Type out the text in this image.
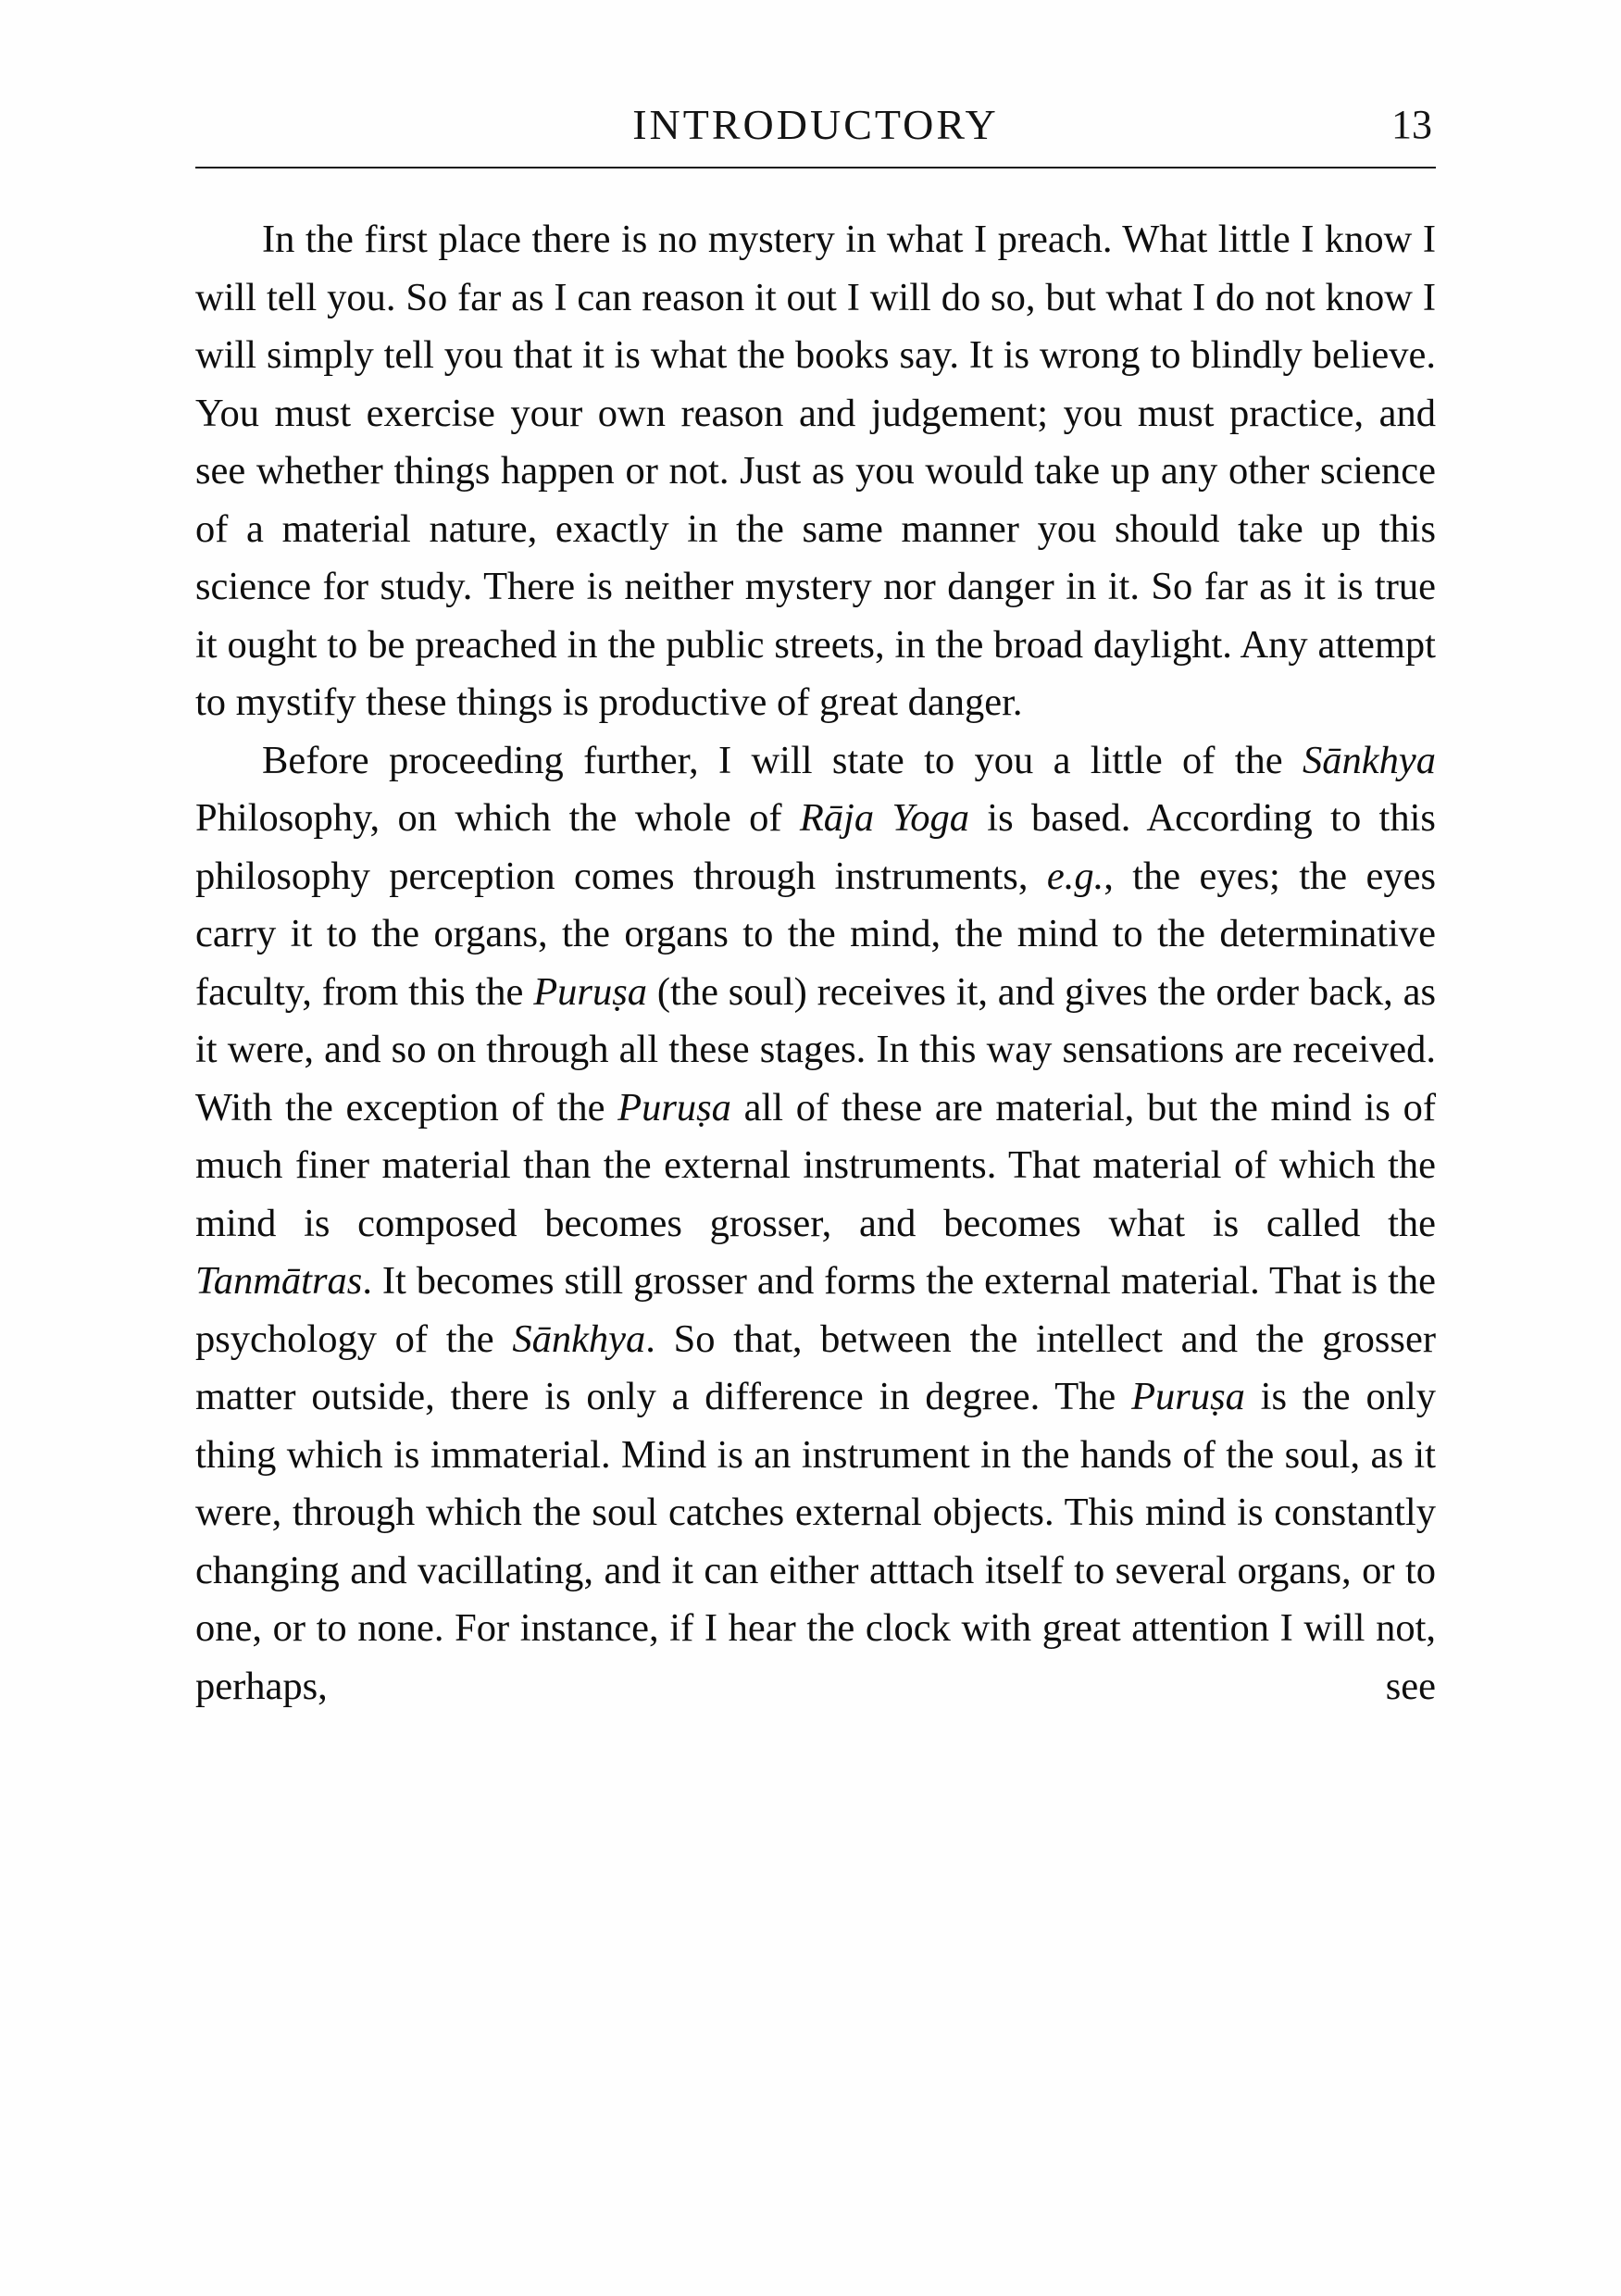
INTRODUCTORY	13

In the first place there is no mystery in what I preach. What little I know I will tell you. So far as I can reason it out I will do so, but what I do not know I will simply tell you that it is what the books say. It is wrong to blindly believe. You must exercise your own reason and judgement; you must practice, and see whether things happen or not. Just as you would take up any other science of a material nature, exactly in the same manner you should take up this science for study. There is neither mystery nor danger in it. So far as it is true it ought to be preached in the public streets, in the broad daylight. Any attempt to mystify these things is productive of great danger.

Before proceeding further, I will state to you a little of the Sānkhya Philosophy, on which the whole of Rāja Yoga is based. According to this philosophy perception comes through instruments, e.g., the eyes; the eyes carry it to the organs, the organs to the mind, the mind to the determinative faculty, from this the Puruṣa (the soul) receives it, and gives the order back, as it were, and so on through all these stages. In this way sensations are received. With the exception of the Puruṣa all of these are material, but the mind is of much finer material than the external instruments. That material of which the mind is composed becomes grosser, and becomes what is called the Tanmātras. It becomes still grosser and forms the external material. That is the psychology of the Sānkhya. So that, between the intellect and the grosser matter outside, there is only a difference in degree. The Puruṣa is the only thing which is immaterial. Mind is an instrument in the hands of the soul, as it were, through which the soul catches external objects. This mind is constantly changing and vacillating, and it can either atttach itself to several organs, or to one, or to none. For instance, if I hear the clock with great attention I will not, perhaps, see
